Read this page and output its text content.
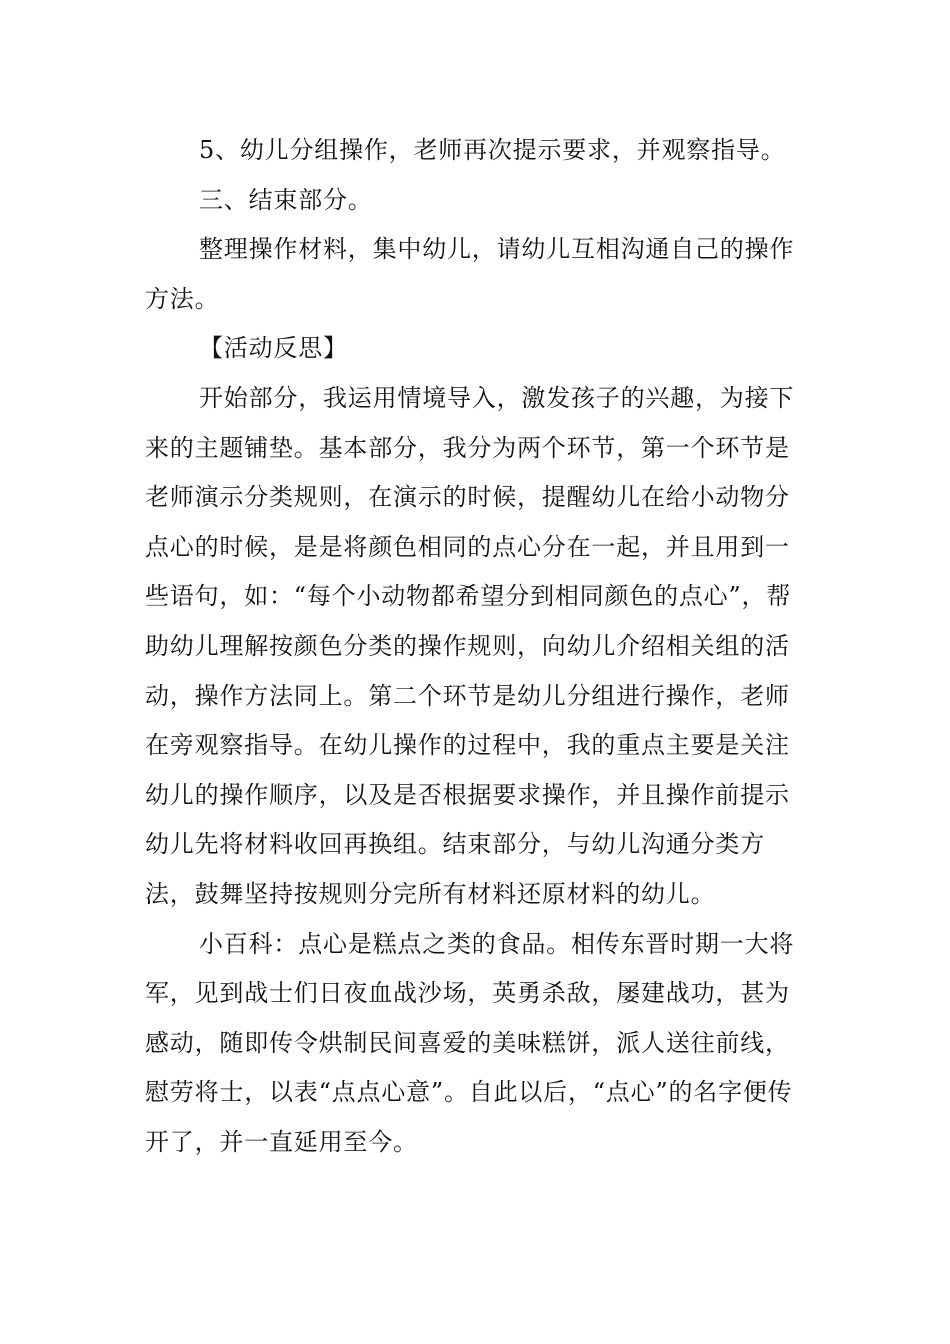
5、幼儿分组操作，老师再次提示要求，并观察指导。

三、结束部分。

整理操作材料，集中幼儿，请幼儿互相沟通自己的操作方法。

【活动反思】

开始部分，我运用情境导入，激发孩子的兴趣，为接下来的主题铺垫。基本部分，我分为两个环节，第一个环节是老师演示分类规则，在演示的时候，提醒幼儿在给小动物分点心的时候，是是将颜色相同的点心分在一起，并且用到一些语句，如：“每个小动物都希望分到相同颜色的点心”，帮助幼儿理解按颜色分类的操作规则，向幼儿介绍相关组的活动，操作方法同上。第二个环节是幼儿分组进行操作，老师在旁观察指导。在幼儿操作的过程中，我的重点主要是关注幼儿的操作顺序，以及是否根据要求操作，并且操作前提示幼儿先将材料收回再换组。结束部分，与幼儿沟通分类方法，鼓舞坚持按规则分完所有材料还原材料的幼儿。

小百科：点心是糕点之类的食品。相传东晋时期一大将军，见到战士们日夜血战沙场，英勇杀敌，屡建战功，甚为感动，随即传令烘制民间喜爱的美味糕饼，派人送往前线，慰劳将士，以表“点点心意”。自此以后，“点心”的名字便传开了，并一直延用至今。
